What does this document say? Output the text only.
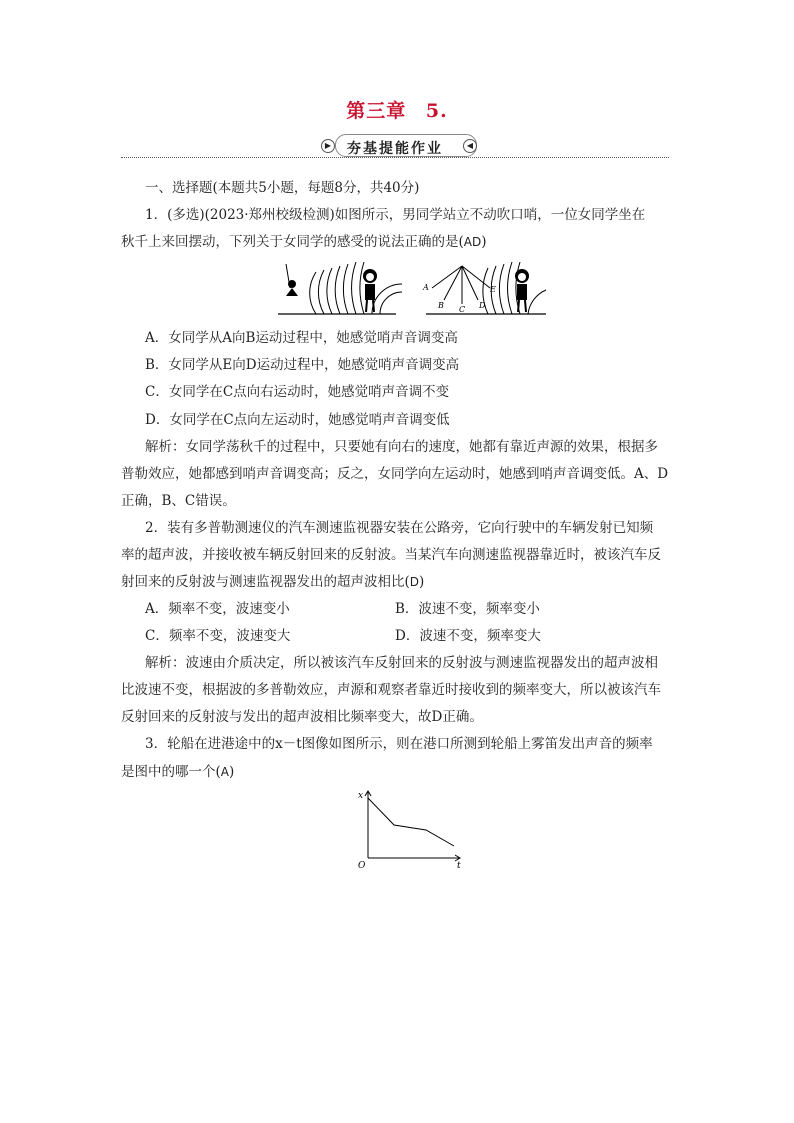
第三章 5.
▶	夯基提能作业	◀
一、选择题(本题共5小题，每题8分，共40分)
1．(多选)(2023·郑州校级检测)如图所示，男同学站立不动吹口哨，一位女同学坐在
秋千上来回摆动，下列关于女同学的感受的说法正确的是(AD)
A
B C D
E
A．女同学从A向B运动过程中，她感觉哨声音调变高
B．女同学从E向D运动过程中，她感觉哨声音调变高
C．女同学在C点向右运动时，她感觉哨声音调不变
D．女同学在C点向左运动时，她感觉哨声音调变低
解析：女同学荡秋千的过程中，只要她有向右的速度，她都有靠近声源的效果，根据多
普勒效应，她都感到哨声音调变高；反之，女同学向左运动时，她感到哨声音调变低。A、D
正确，B、C错误。
2．装有多普勒测速仪的汽车测速监视器安装在公路旁，它向行驶中的车辆发射已知频
率的超声波，并接收被车辆反射回来的反射波。当某汽车向测速监视器靠近时，被该汽车反
射回来的反射波与测速监视器发出的超声波相比(D)
A．频率不变，波速变小	B．波速不变，频率变小
C．频率不变，波速变大	D．波速不变，频率变大
解析：波速由介质决定，所以被该汽车反射回来的反射波与测速监视器发出的超声波相
比波速不变，根据波的多普勒效应，声源和观察者靠近时接收到的频率变大，所以被该汽车
反射回来的反射波与发出的超声波相比频率变大，故D正确。
3．轮船在进港途中的x－t图像如图所示，则在港口所测到轮船上雾笛发出声音的频率
是图中的哪一个(A)
x
t
O
